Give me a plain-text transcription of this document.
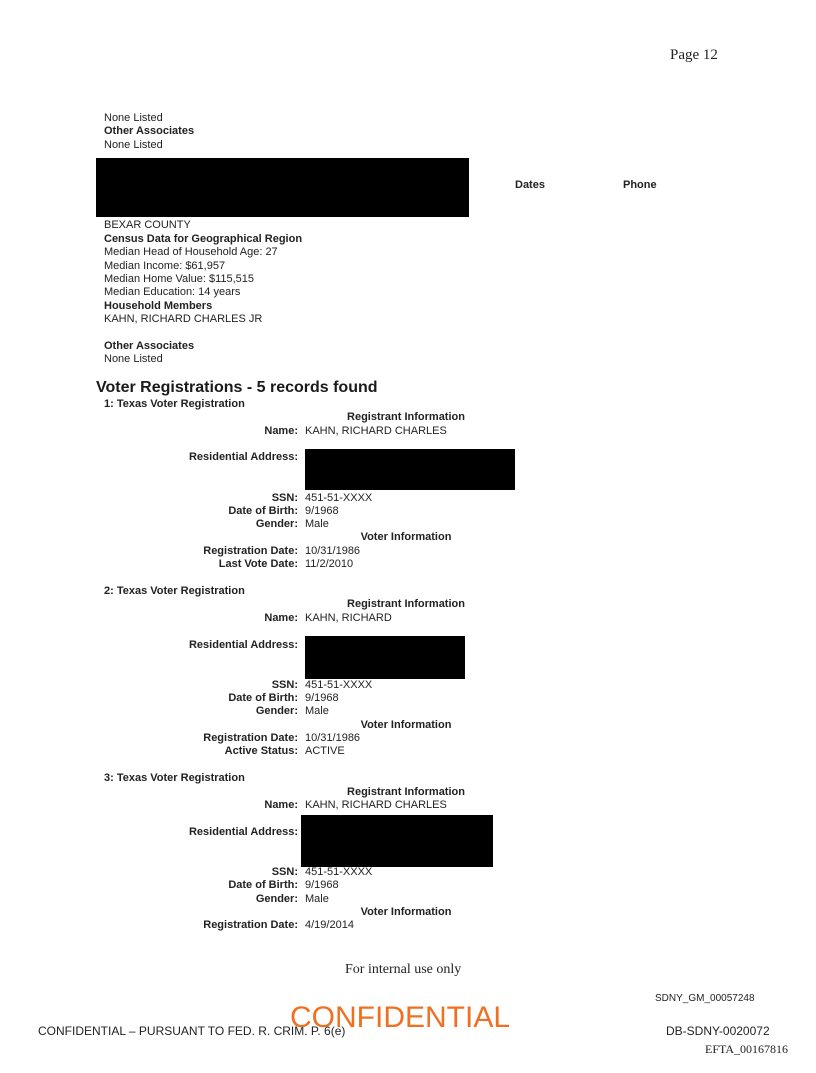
Page 12
None Listed
Other Associates
None Listed
Dates	Phone
BEXAR COUNTY
Census Data for Geographical Region
Median Head of Household Age: 27
Median Income: $61,957
Median Home Value: $115,515
Median Education: 14 years
Household Members
KAHN, RICHARD CHARLES JR
Other Associates
None Listed
Voter Registrations - 5 records found
1: Texas Voter Registration
Registrant Information
Name: KAHN, RICHARD CHARLES
Residential Address:
SSN: 451-51-XXXX
Date of Birth: 9/1968
Gender: Male
Voter Information
Registration Date: 10/31/1986
Last Vote Date: 11/2/2010
2: Texas Voter Registration
Registrant Information
Name: KAHN, RICHARD
Residential Address:
SSN: 451-51-XXXX
Date of Birth: 9/1968
Gender: Male
Voter Information
Registration Date: 10/31/1986
Active Status: ACTIVE
3: Texas Voter Registration
Registrant Information
Name: KAHN, RICHARD CHARLES
Residential Address:
SSN: 451-51-XXXX
Date of Birth: 9/1968
Gender: Male
Voter Information
Registration Date: 4/19/2014
For internal use only
SDNY_GM_00057248
CONFIDENTIAL – PURSUANT TO FED. R. CRIM. P. 6(e)
CONFIDENTIAL	DB-SDNY-0020072
EFTA_00167816
